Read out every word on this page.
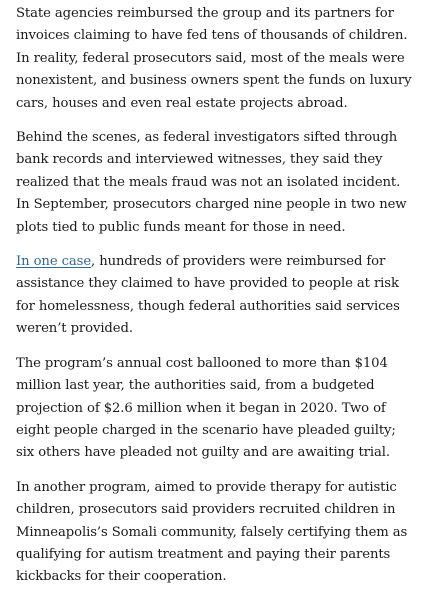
State agencies reimbursed the group and its partners for invoices claiming to have fed tens of thousands of children. In reality, federal prosecutors said, most of the meals were nonexistent, and business owners spent the funds on luxury cars, houses and even real estate projects abroad.

Behind the scenes, as federal investigators sifted through bank records and interviewed witnesses, they said they realized that the meals fraud was not an isolated incident. In September, prosecutors charged nine people in two new plots tied to public funds meant for those in need.

In one case, hundreds of providers were reimbursed for assistance they claimed to have provided to people at risk for homelessness, though federal authorities said services weren’t provided.

The program’s annual cost ballooned to more than $104 million last year, the authorities said, from a budgeted projection of $2.6 million when it began in 2020. Two of eight people charged in the scenario have pleaded guilty; six others have pleaded not guilty and are awaiting trial.

In another program, aimed to provide therapy for autistic children, prosecutors said providers recruited children in Minneapolis’s Somali community, falsely certifying them as qualifying for autism treatment and paying their parents kickbacks for their cooperation.
